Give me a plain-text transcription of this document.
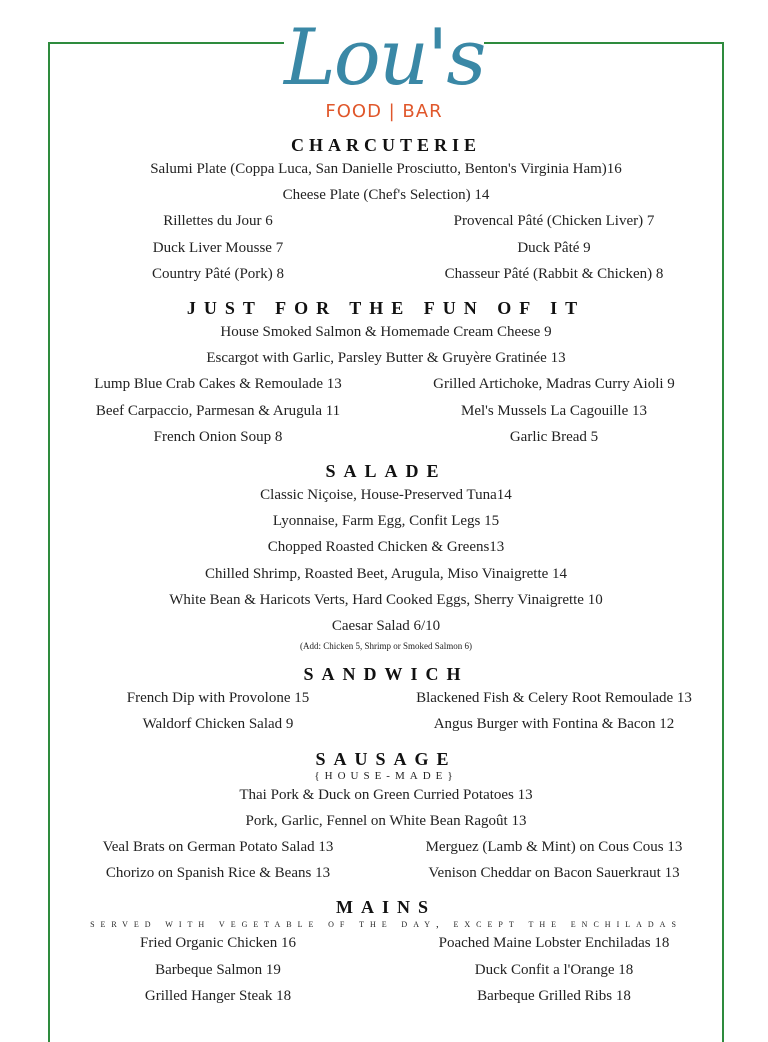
Lou's
FOOD | BAR
CHARCUTERIE
Salumi Plate (Coppa Luca, San Danielle Prosciutto, Benton's Virginia Ham)16
Cheese Plate (Chef's Selection) 14
Rillettes du Jour 6	Provencal Pâté (Chicken Liver) 7
Duck Liver Mousse 7	Duck Pâté 9
Country Pâté (Pork) 8	Chasseur Pâté (Rabbit & Chicken) 8
JUST FOR THE FUN OF IT
House Smoked Salmon & Homemade Cream Cheese 9
Escargot with Garlic, Parsley Butter & Gruyère Gratinée 13
Lump Blue Crab Cakes & Remoulade 13	Grilled Artichoke, Madras Curry Aioli 9
Beef Carpaccio, Parmesan & Arugula 11	Mel's Mussels La Cagouille 13
French Onion Soup 8	Garlic Bread 5
SALADE
Classic Niçoise, House-Preserved Tuna14
Lyonnaise, Farm Egg, Confit Legs 15
Chopped Roasted Chicken & Greens13
Chilled Shrimp, Roasted Beet, Arugula, Miso Vinaigrette 14
White Bean & Haricots Verts, Hard Cooked Eggs, Sherry Vinaigrette 10
Caesar Salad 6/10
(Add: Chicken 5, Shrimp or Smoked Salmon 6)
SANDWICH
French Dip with Provolone 15	Blackened Fish & Celery Root Remoulade 13
Waldorf Chicken Salad 9	Angus Burger with Fontina & Bacon 12
SAUSAGE
{HOUSE-MADE}
Thai Pork & Duck on Green Curried Potatoes 13
Pork, Garlic, Fennel on White Bean Ragoût 13
Veal Brats on German Potato Salad 13	Merguez (Lamb & Mint) on Cous Cous 13
Chorizo on Spanish Rice & Beans 13	Venison Cheddar on Bacon Sauerkraut 13
MAINS
served with vegetable of the day, except the enchiladas
Fried Organic Chicken 16	Poached Maine Lobster Enchiladas 18
Barbeque Salmon 19	Duck Confit a l'Orange 18
Grilled Hanger Steak 18	Barbeque Grilled Ribs 18
